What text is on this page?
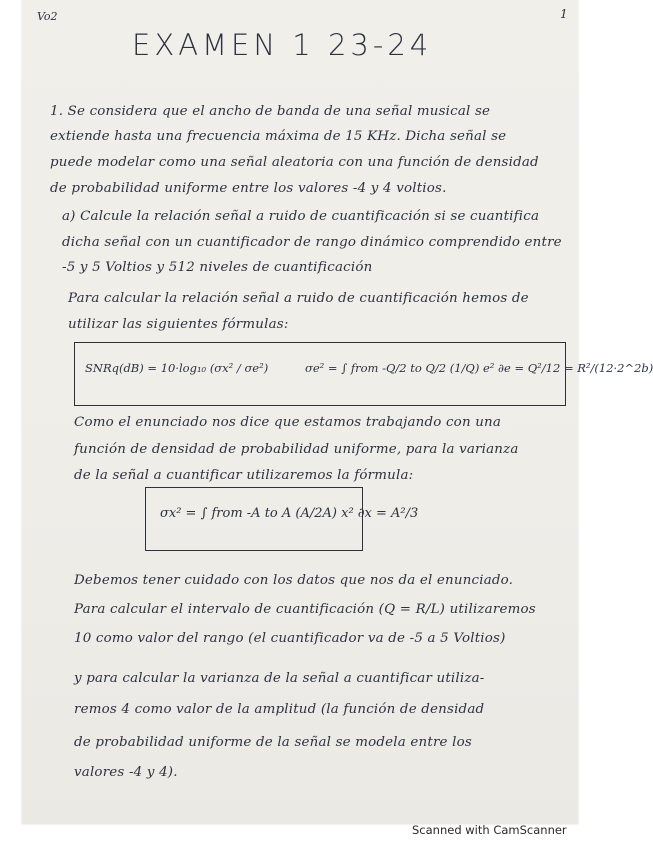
Vo2	1
EXAMEN 1 23-24
1. Se considera que el ancho de banda de una señal musical se
extiende hasta una frecuencia máxima de 15 KHz. Dicha señal se
puede modelar como una señal aleatoria con una función de densidad
de probabilidad uniforme entre los valores -4 y 4 voltios.
a) Calcule la relación señal a ruido de cuantificación si se cuantifica
dicha señal con un cuantificador de rango dinámico comprendido entre
-5 y 5 Voltios y 512 niveles de cuantificación
Para calcular la relación señal a ruido de cuantificación hemos de
utilizar las siguientes fórmulas:
SNRq(dB) = 10·log₁₀ (σx² / σe²)	σe² = ∫ from -Q/2 to Q/2 (1/Q) e² ∂e = Q²/12 = R²/(12·2^2b)
Como el enunciado nos dice que estamos trabajando con una
función de densidad de probabilidad uniforme, para la varianza
de la señal a cuantificar utilizaremos la fórmula:
σx² = ∫ from -A to A (A/2A) x² ∂x = A²/3
Debemos tener cuidado con los datos que nos da el enunciado.
Para calcular el intervalo de cuantificación (Q = R/L) utilizaremos
10 como valor del rango (el cuantificador va de -5 a 5 Voltios)
y para calcular la varianza de la señal a cuantificar utiliza-
remos 4 como valor de la amplitud (la función de densidad
de probabilidad uniforme de la señal se modela entre los
valores -4 y 4).
Scanned with CamScanner
